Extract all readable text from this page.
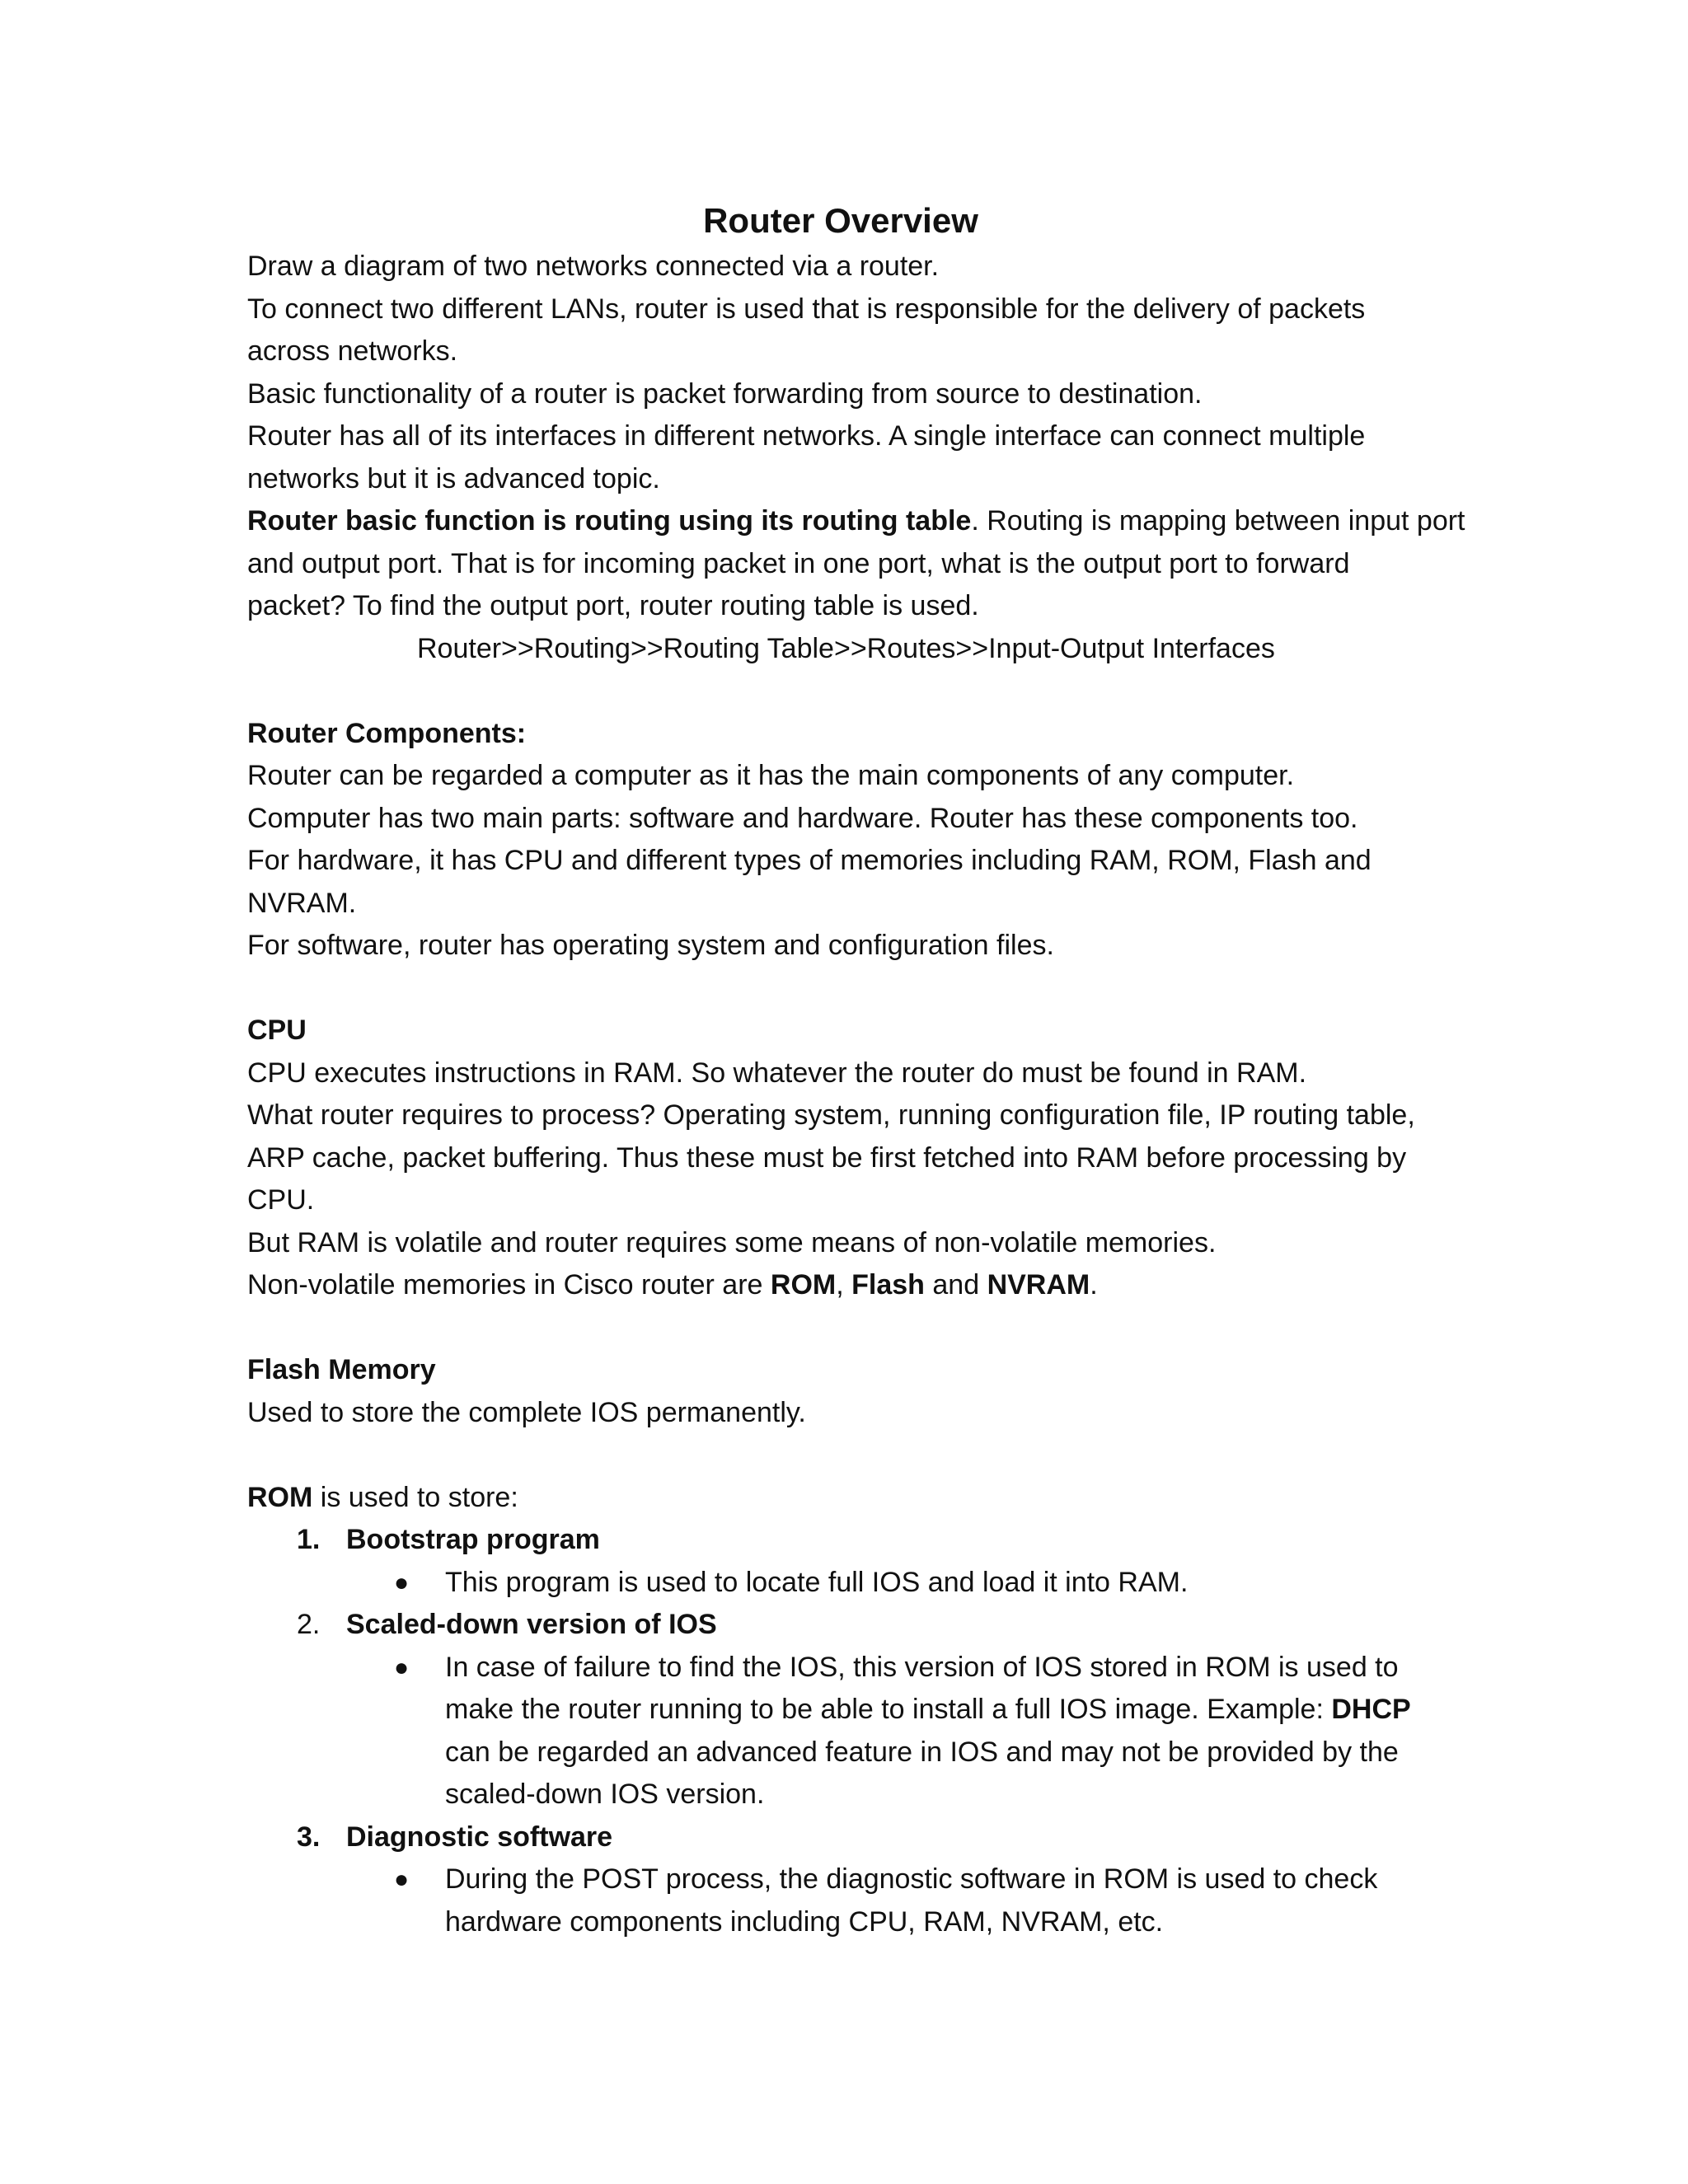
Router Overview

Draw a diagram of two networks connected via a router.

To connect two different LANs, router is used that is responsible for the delivery of packets

across networks.

Basic functionality of a router is packet forwarding from source to destination.

Router has all of its interfaces in different networks. A single interface can connect multiple

networks but it is advanced topic.

Router basic function is routing using its routing table. Routing is mapping between input port

and output port. That is for incoming packet in one port, what is the output port to forward

packet? To find the output port, router routing table is used.

Router>>Routing>>Routing Table>>Routes>>Input-Output Interfaces

Router Components:

Router can be regarded a computer as it has the main components of any computer.

Computer has two main parts: software and hardware. Router has these components too.

For hardware, it has CPU and different types of memories including RAM, ROM, Flash and

NVRAM.

For software, router has operating system and configuration files.

CPU

CPU executes instructions in RAM. So whatever the router do must be found in RAM.

What router requires to process? Operating system, running configuration file, IP routing table,

ARP cache, packet buffering. Thus these must be first fetched into RAM before processing by

CPU.

But RAM is volatile and router requires some means of non-volatile memories.

Non-volatile memories in Cisco router are ROM, Flash and NVRAM.

Flash Memory

Used to store the complete IOS permanently.

ROM is used to store:

1. Bootstrap program

● This program is used to locate full IOS and load it into RAM.

2. Scaled-down version of IOS

● In case of failure to find the IOS, this version of IOS stored in ROM is used to make the router running to be able to install a full IOS image. Example: DHCP can be regarded an advanced feature in IOS and may not be provided by the scaled-down IOS version.

3. Diagnostic software

● During the POST process, the diagnostic software in ROM is used to check hardware components including CPU, RAM, NVRAM, etc.
